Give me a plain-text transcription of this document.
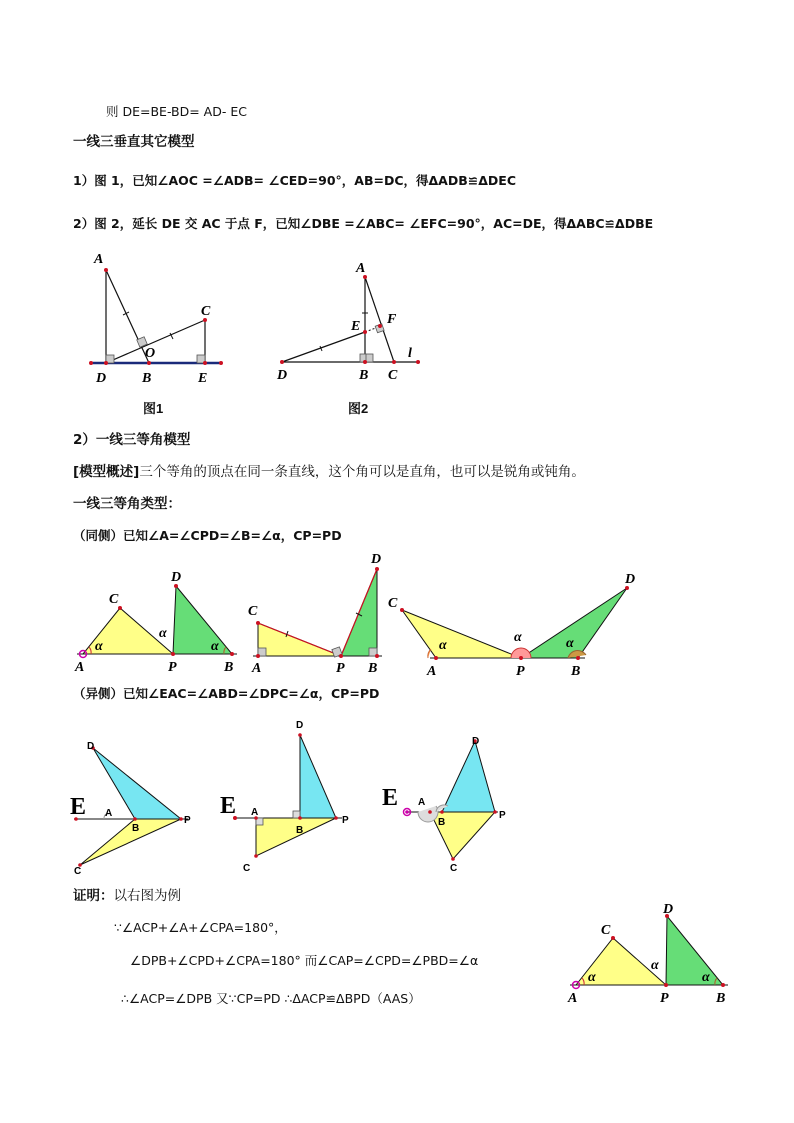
则 DE=BE-BD= AD- EC
一线三垂直其它模型
1）图 1，已知∠AOC =∠ADB= ∠CED=90°，AB=DC，得ΔADB≌ΔDEC
2）图 2，延长 DE 交 AC 于点 F，已知∠DBE =∠ABC= ∠EFC=90°，AC=DE，得ΔABC≌ΔDBE
A
C
O
D	B	E
A
E F
l
D	B C
图1	图2
2）一线三等角模型
[模型概述]三个等角的顶点在同一条直线，这个角可以是直角，也可以是锐角或钝角。
一线三等角类型：
（同侧）已知∠A=∠CPD=∠B=∠α，CP=PD
A
C
D
P	B
α
α
α
C
D
A	P B
C
D
A	P	B
α
α	α
（异侧）已知∠EAC=∠ABD=∠DPC=∠α，CP=PD
D
A
B
P
C
E
D
A
B
P
C
E
D
A
B
P
C
E
证明：以右图为例
∵∠ACP+∠A+∠CPA=180°，
∠DPB+∠CPD+∠CPA=180° 而∠CAP=∠CPD=∠PBD=∠α
∴∠ACP=∠DPB 又∵CP=PD ∴ΔACP≌ΔBPD（AAS）	A
C
D
P	B
α
α
α
